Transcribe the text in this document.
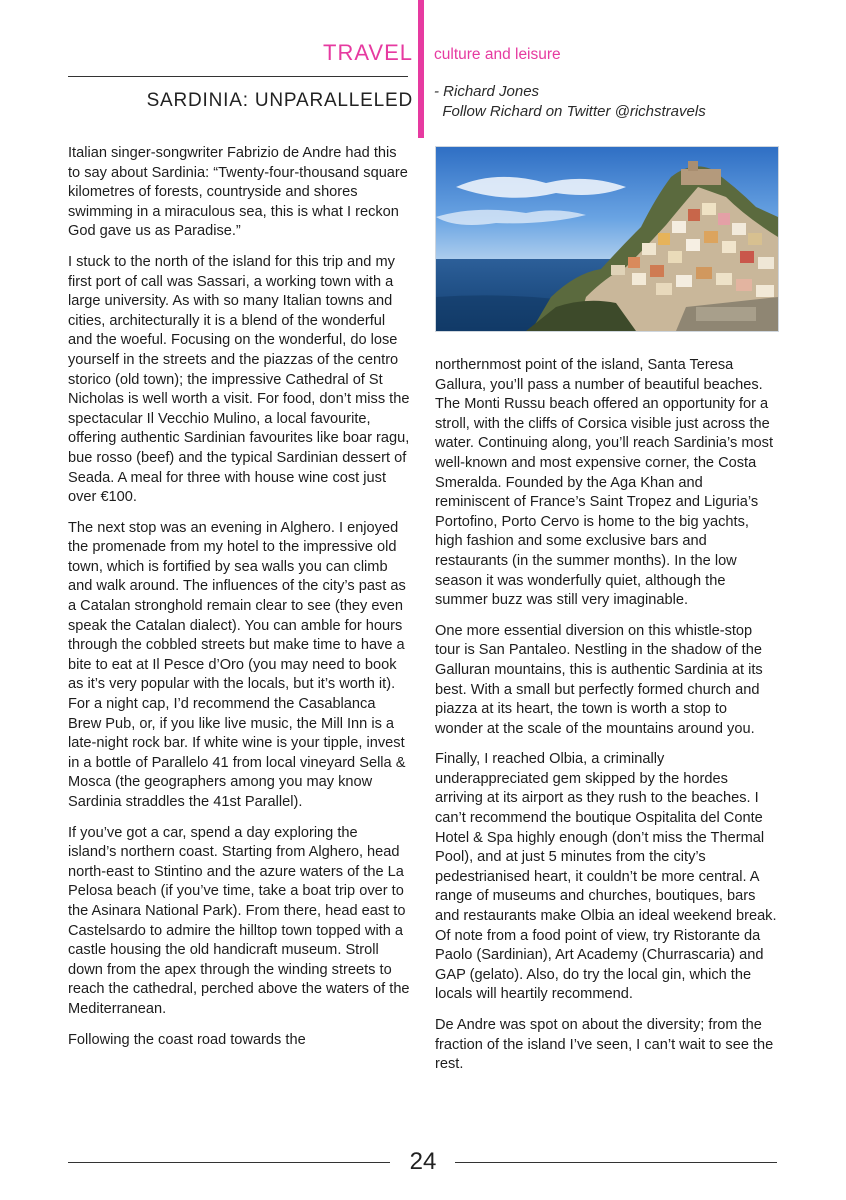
TRAVEL culture and leisure
SARDINIA: UNPARALLELED - Richard Jones
Follow Richard on Twitter @richstravels

Italian singer-songwriter Fabrizio de Andre had this to say about Sardinia: “Twenty-four-thousand square kilometres of forests, countryside and shores swimming in a miraculous sea, this is what I reckon God gave us as Paradise.”

I stuck to the north of the island for this trip and my first port of call was Sassari, a working town with a large university. As with so many Italian towns and cities, architecturally it is a blend of the wonderful and the woeful. Focusing on the wonderful, do lose yourself in the streets and the piazzas of the centro storico (old town); the impressive Cathedral of St Nicholas is well worth a visit. For food, don’t miss the spectacular Il Vecchio Mulino, a local favourite, offering authentic Sardinian favourites like boar ragu, bue rosso (beef) and the typical Sardinian dessert of Seada. A meal for three with house wine cost just over €100.

The next stop was an evening in Alghero. I enjoyed the promenade from my hotel to the impressive old town, which is fortified by sea walls you can climb and walk around. The influences of the city’s past as a Catalan stronghold remain clear to see (they even speak the Catalan dialect). You can amble for hours through the cobbled streets but make time to have a bite to eat at Il Pesce d’Oro (you may need to book as it’s very popular with the locals, but it’s worth it). For a night cap, I’d recommend the Casablanca Brew Pub, or, if you like live music, the Mill Inn is a late-night rock bar. If white wine is your tipple, invest in a bottle of Parallelo 41 from local vineyard Sella & Mosca (the geographers among you may know Sardinia straddles the 41st Parallel).

If you’ve got a car, spend a day exploring the island’s northern coast. Starting from Alghero, head north-east to Stintino and the azure waters of the La Pelosa beach (if you’ve time, take a boat trip over to the Asinara National Park). From there, head east to Castelsardo to admire the hilltop town topped with a castle housing the old handicraft museum. Stroll down from the apex through the winding streets to reach the cathedral, perched above the waters of the Mediterranean.

Following the coast road towards the

northernmost point of the island, Santa Teresa Gallura, you’ll pass a number of beautiful beaches. The Monti Russu beach offered an opportunity for a stroll, with the cliffs of Corsica visible just across the water. Continuing along, you’ll reach Sardinia’s most well-known and most expensive corner, the Costa Smeralda. Founded by the Aga Khan and reminiscent of France’s Saint Tropez and Liguria’s Portofino, Porto Cervo is home to the big yachts, high fashion and some exclusive bars and restaurants (in the summer months). In the low season it was wonderfully quiet, although the summer buzz was still very imaginable.

One more essential diversion on this whistle-stop tour is San Pantaleo. Nestling in the shadow of the Galluran mountains, this is authentic Sardinia at its best. With a small but perfectly formed church and piazza at its heart, the town is worth a stop to wonder at the scale of the mountains around you.

Finally, I reached Olbia, a criminally underappreciated gem skipped by the hordes arriving at its airport as they rush to the beaches. I can’t recommend the boutique Ospitalita del Conte Hotel & Spa highly enough (don’t miss the Thermal Pool), and at just 5 minutes from the city’s pedestrianised heart, it couldn’t be more central. A range of museums and churches, boutiques, bars and restaurants make Olbia an ideal weekend break. Of note from a food point of view, try Ristorante da Paolo (Sardinian), Art Academy (Churrascaria) and GAP (gelato). Also, do try the local gin, which the locals will heartily recommend.

De Andre was spot on about the diversity; from the fraction of the island I’ve seen, I can’t wait to see the rest.

24
